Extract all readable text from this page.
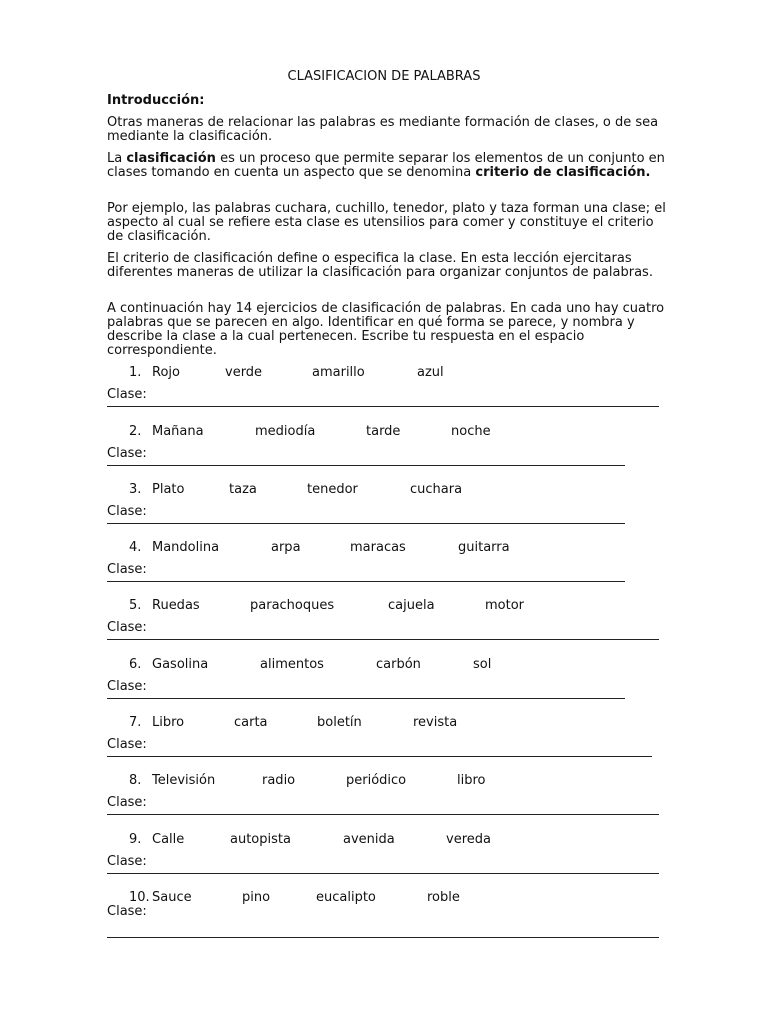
CLASIFICACION DE PALABRAS
Introducción:
Otras maneras de relacionar las palabras es mediante formación de clases, o de sea mediante la clasificación.
La clasificación es un proceso que permite separar los elementos de un conjunto en clases tomando en cuenta un aspecto que se denomina criterio de clasificación.
Por ejemplo, las palabras cuchara, cuchillo, tenedor, plato y taza forman una clase; el aspecto al cual se refiere esta clase es utensilios para comer y constituye el criterio de clasificación.
El criterio de clasificación define o especifica la clase. En esta lección ejercitaras diferentes maneras de utilizar la clasificación para organizar conjuntos de palabras.
A continuación hay 14 ejercicios de clasificación de palabras. En cada uno hay cuatro palabras que se parecen en algo. Identificar en qué forma se parece, y nombra y describe la clase a la cual pertenecen. Escribe tu respuesta en el espacio correspondiente.
1. Rojo	verde	amarillo	azul
Clase:
2. Mañana	mediodía	tarde	noche
Clase:
3. Plato	taza	tenedor	cuchara
Clase:
4. Mandolina	arpa	maracas	guitarra
Clase:
5. Ruedas	parachoques	cajuela	motor
Clase:
6. Gasolina	alimentos	carbón	sol
Clase:
7. Libro	carta	boletín	revista
Clase:
8. Televisión	radio	periódico	libro
Clase:
9. Calle	autopista	avenida	vereda
Clase:
10. Sauce	pino	eucalipto	roble
Clase:
